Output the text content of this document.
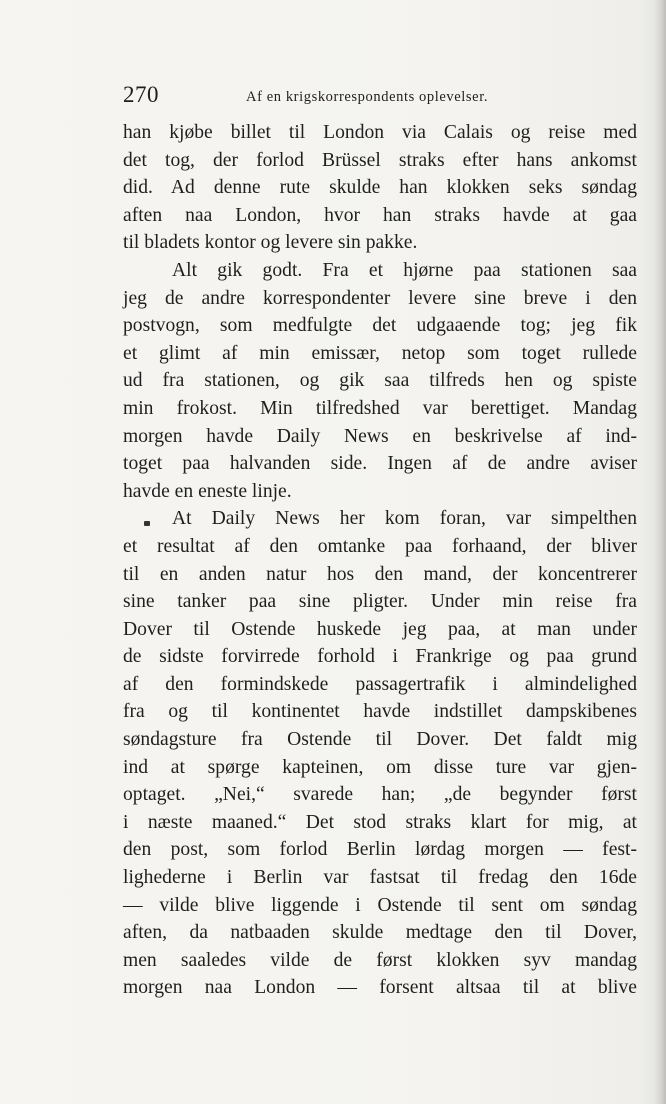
270	Af en krigskorrespondents oplevelser.
han kjøbe billet til London via Calais og reise med
det tog, der forlod Brüssel straks efter hans ankomst
did. Ad denne rute skulde han klokken seks søndag
aften naa London, hvor han straks havde at gaa
til bladets kontor og levere sin pakke.
Alt gik godt. Fra et hjørne paa stationen saa
jeg de andre korrespondenter levere sine breve i den
postvogn, som medfulgte det udgaaende tog; jeg fik
et glimt af min emissær, netop som toget rullede
ud fra stationen, og gik saa tilfreds hen og spiste
min frokost. Min tilfredshed var berettiget. Mandag
morgen havde Daily News en beskrivelse af ind-
toget paa halvanden side. Ingen af de andre aviser
havde en eneste linje.
At Daily News her kom foran, var simpelthen
et resultat af den omtanke paa forhaand, der bliver
til en anden natur hos den mand, der koncentrerer
sine tanker paa sine pligter. Under min reise fra
Dover til Ostende huskede jeg paa, at man under
de sidste forvirrede forhold i Frankrige og paa grund
af den formindskede passagertrafik i almindelighed
fra og til kontinentet havde indstillet dampskibenes
søndagsture fra Ostende til Dover. Det faldt mig
ind at spørge kapteinen, om disse ture var gjen-
optaget. „Nei,“ svarede han; „de begynder først
i næste maaned.“ Det stod straks klart for mig, at
den post, som forlod Berlin lørdag morgen — fest-
lighederne i Berlin var fastsat til fredag den 16de
— vilde blive liggende i Ostende til sent om søndag
aften, da natbaaden skulde medtage den til Dover,
men saaledes vilde de først klokken syv mandag
morgen naa London — forsent altsaa til at blive
